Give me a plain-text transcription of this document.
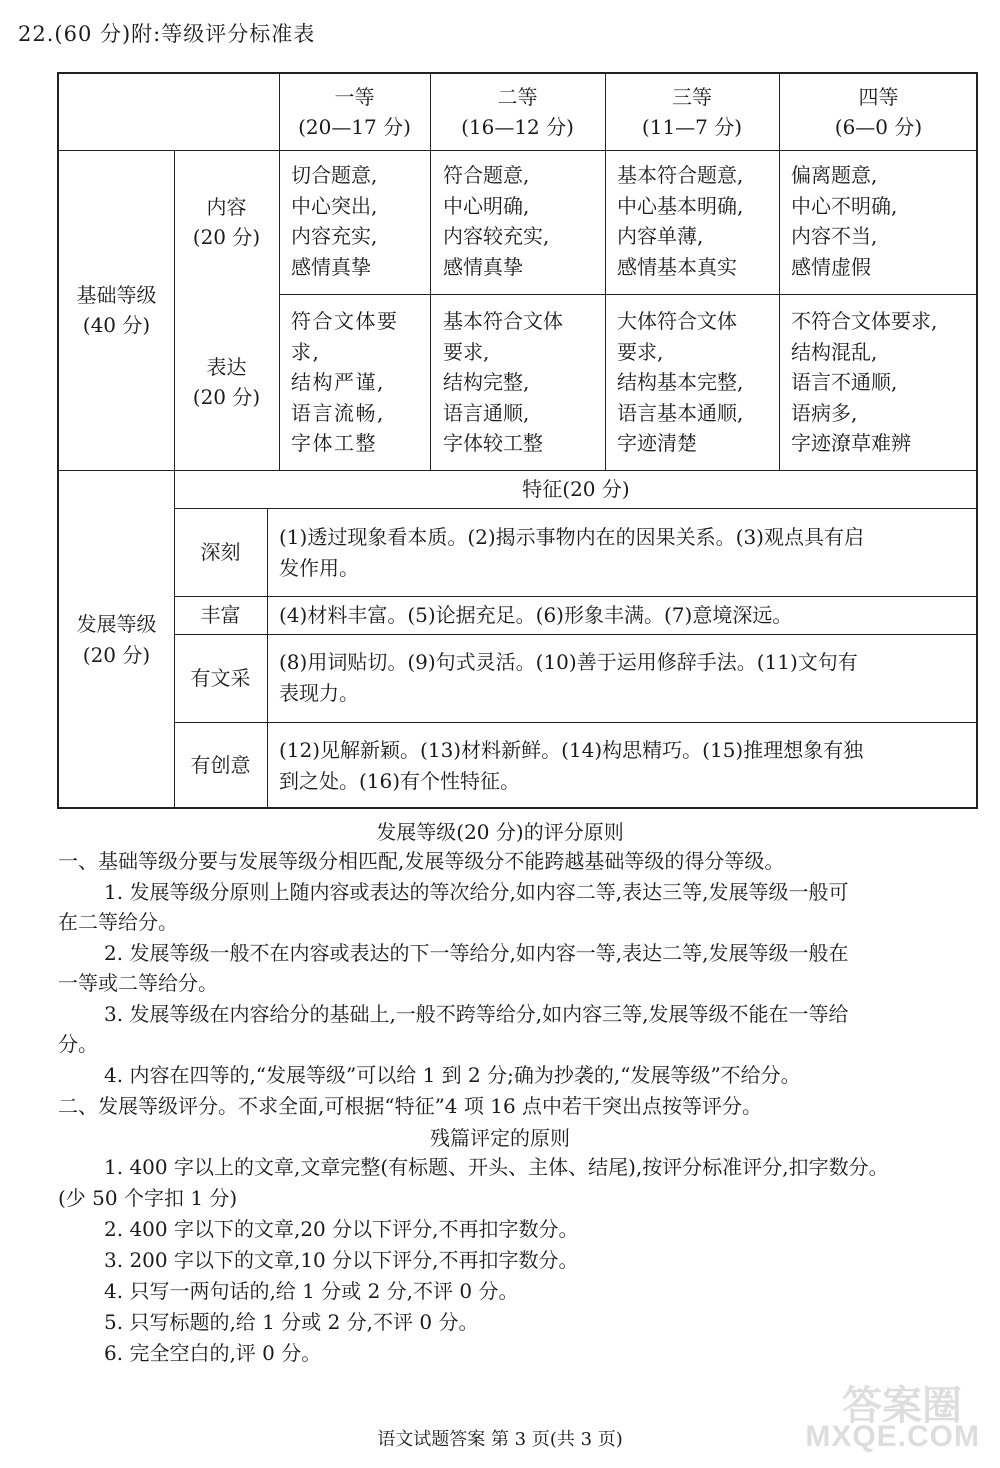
22.(60 分)附:等级评分标准表
一等
(20—17 分)
二等
(16—12 分)
三等
(11—7 分)
四等
(6—0 分)
基础等级
(40 分)
内容
(20 分)
切合题意,
中心突出,
内容充实,
感情真挚
符合题意,
中心明确,
内容较充实,
感情真挚
基本符合题意,
中心基本明确,
内容单薄,
感情基本真实
偏离题意,
中心不明确,
内容不当,
感情虚假
表达
(20 分)
符合文体要
求,
结构严谨,
语言流畅,
字体工整
基本符合文体
要求,
结构完整,
语言通顺,
字体较工整
大体符合文体
要求,
结构基本完整,
语言基本通顺,
字迹清楚
不符合文体要求,
结构混乱,
语言不通顺,
语病多,
字迹潦草难辨
发展等级
(20 分)
特征(20 分)
深刻
(1)透过现象看本质。(2)揭示事物内在的因果关系。(3)观点具有启
发作用。
丰富	(4)材料丰富。(5)论据充足。(6)形象丰满。(7)意境深远。
有文采
(8)用词贴切。(9)句式灵活。(10)善于运用修辞手法。(11)文句有
表现力。
有创意
(12)见解新颖。(13)材料新鲜。(14)构思精巧。(15)推理想象有独
到之处。(16)有个性特征。
发展等级(20 分)的评分原则
一、基础等级分要与发展等级分相匹配,发展等级分不能跨越基础等级的得分等级。
1. 发展等级分原则上随内容或表达的等次给分,如内容二等,表达三等,发展等级一般可
在二等给分。
2. 发展等级一般不在内容或表达的下一等给分,如内容一等,表达二等,发展等级一般在
一等或二等给分。
3. 发展等级在内容给分的基础上,一般不跨等给分,如内容三等,发展等级不能在一等给
分。
4. 内容在四等的,“发展等级”可以给 1 到 2 分;确为抄袭的,“发展等级”不给分。
二、发展等级评分。不求全面,可根据“特征”4 项 16 点中若干突出点按等评分。
残篇评定的原则
1. 400 字以上的文章,文章完整(有标题、开头、主体、结尾),按评分标准评分,扣字数分。
(少 50 个字扣 1 分)
2. 400 字以下的文章,20 分以下评分,不再扣字数分。
3. 200 字以下的文章,10 分以下评分,不再扣字数分。
4. 只写一两句话的,给 1 分或 2 分,不评 0 分。
5. 只写标题的,给 1 分或 2 分,不评 0 分。
6. 完全空白的,评 0 分。
语文试题答案 第 3 页(共 3 页)
答案圈
MXQE.COM
